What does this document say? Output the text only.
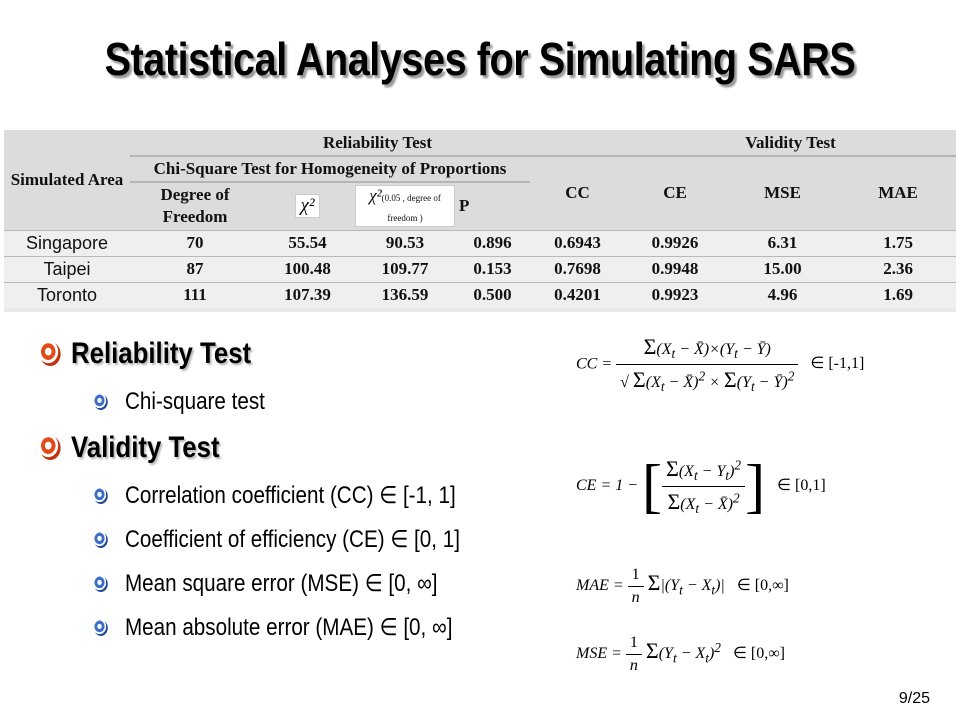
Statistical Analyses for Simulating SARS
Simulated Area	Reliability Test					Validity Test		
	Chi-Square Test for Homogeneity of Proportions				CC	CE	MSE	MAE
	Degree of Freedom	χ²	χ²(0.05 , degree of freedom )	P				
Singapore	70	55.54	90.53	0.896	0.6943	0.9926	6.31	1.75
Taipei	87	100.48	109.77	0.153	0.7698	0.9948	15.00	2.36
Toronto	111	107.39	136.59	0.500	0.4201	0.9923	4.96	1.69
Reliability Test
Chi-square test
Validity Test
Correlation coefficient (CC) ∈ [-1, 1]
Coefficient of efficiency (CE) ∈ [0, 1]
Mean square error (MSE) ∈ [0, ∞]
Mean absolute error (MAE) ∈ [0, ∞]
CC = $\frac{\Sigma(X_t - X̄)\times(Y_t - Ȳ)}{√ \Sigma(X_t - X̄)^2 \times \Sigma(Y_t - Ȳ)^2}$ ∈ [-1,1]
CE = 1 − [ $\frac{\Sigma(X_t - Y_t)^2}{\Sigma(X_t - X̄)^2}$ ] ∈ [0,1]
MAE = $\frac{1}{n} \Sigma|(Y_t - X_t)|$ ∈ [0,∞]
MSE = $\frac{1}{n} \Sigma(Y_t - X_t)^2$ ∈ [0,∞]
9/25
